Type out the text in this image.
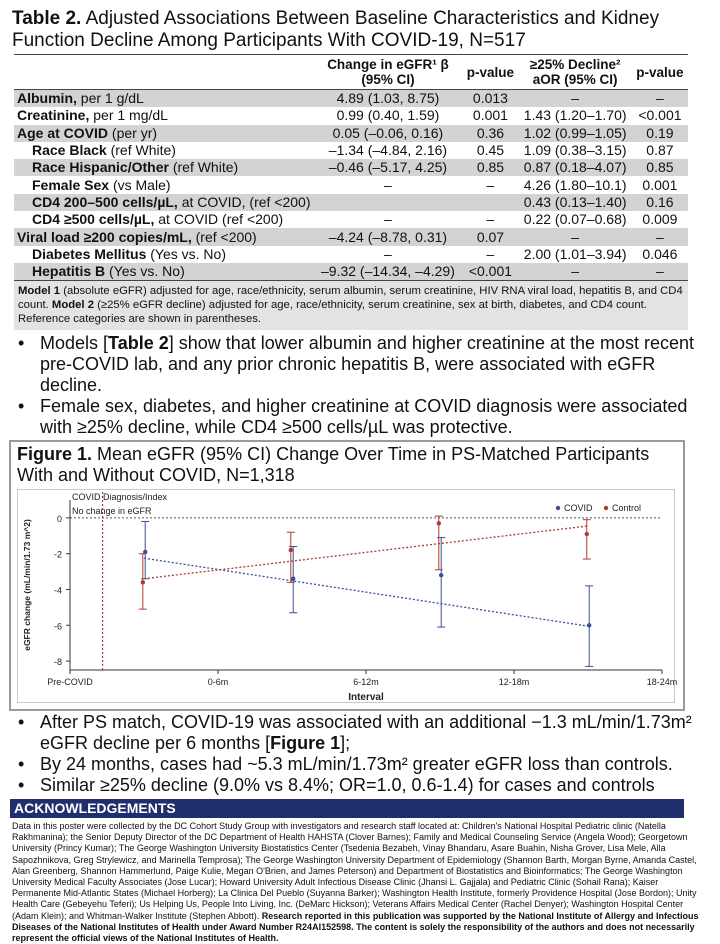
Table 2. Adjusted Associations Between Baseline Characteristics and Kidney Function Decline Among Participants With COVID-19, N=517
	Change in eGFR¹ β (95% CI)	p-value	≥25% Decline² aOR (95% CI)	p-value
Albumin, per 1 g/dL	4.89 (1.03, 8.75)	0.013	–	–
Creatinine, per 1 mg/dL	0.99 (0.40, 1.59)	0.001	1.43 (1.20–1.70)	<0.001
Age at COVID (per yr)	0.05 (–0.06, 0.16)	0.36	1.02 (0.99–1.05)	0.19
Race Black (ref White)	–1.34 (–4.84, 2.16)	0.45	1.09 (0.38–3.15)	0.87
Race Hispanic/Other (ref White)	–0.46 (–5.17, 4.25)	0.85	0.87 (0.18–4.07)	0.85
Female Sex (vs Male)	–	–	4.26 (1.80–10.1)	0.001
CD4 200–500 cells/µL, at COVID, (ref <200)			0.43 (0.13–1.40)	0.16
CD4 ≥500 cells/µL, at COVID (ref <200)	–	–	0.22 (0.07–0.68)	0.009
Viral load ≥200 copies/mL, (ref <200)	–4.24 (–8.78, 0.31)	0.07	–	–
Diabetes Mellitus (Yes vs. No)	–	–	2.00 (1.01–3.94)	0.046
Hepatitis B (Yes vs. No)	–9.32 (–14.34, –4.29)	<0.001	–	–
Model 1 (absolute eGFR) adjusted for age, race/ethnicity, serum albumin, serum creatinine, HIV RNA viral load, hepatitis B, and CD4 count. Model 2 (≥25% eGFR decline) adjusted for age, race/ethnicity, serum creatinine, sex at birth, diabetes, and CD4 count. Reference categories are shown in parentheses.
• Models [Table 2] show that lower albumin and higher creatinine at the most recent pre-COVID lab, and any prior chronic hepatitis B, were associated with eGFR decline.
• Female sex, diabetes, and higher creatinine at COVID diagnosis were associated with ≥25% decline, while CD4 ≥500 cells/µL was protective.
Figure 1. Mean eGFR (95% CI) Change Over Time in PS-Matched Participants With and Without COVID, N=1,318
0
-2
-4
-6
-8
Pre-COVID	0-6m	6-12m	12-18m	18-24m
Interval
eGFR change (mL/min/1.73 m^2)
No change in eGFR
COVID Diagnosis/Index
COVID Control
• After PS match, COVID-19 was associated with an additional −1.3 mL/min/1.73m² eGFR decline per 6 months [Figure 1];
• By 24 months, cases had ~5.3 mL/min/1.73m² greater eGFR loss than controls.
• Similar ≥25% decline (9.0% vs 8.4%; OR=1.0, 0.6-1.4) for cases and controls
ACKNOWLEDGEMENTS
Data in this poster were collected by the DC Cohort Study Group with investigators and research staff located at: Children's National Hospital Pediatric clinic (Natella Rakhmanina); the Senior Deputy Director of the DC Department of Health HAHSTA (Clover Barnes); Family and Medical Counseling Service (Angela Wood); Georgetown University (Princy Kumar); The George Washington University Biostatistics Center (Tsedenia Bezabeh, Vinay Bhandaru, Asare Buahin, Nisha Grover, Lisa Mele, Alla Sapozhnikova, Greg Strylewicz, and Marinella Temprosa); The George Washington University Department of Epidemiology (Shannon Barth, Morgan Byrne, Amanda Castel, Alan Greenberg, Shannon Hammerlund, Paige Kulie, Megan O'Brien, and James Peterson) and Department of Biostatistics and Bioinformatics; The George Washington University Medical Faculty Associates (Jose Lucar); Howard University Adult Infectious Disease Clinic (Jhansi L. Gajjala) and Pediatric Clinic (Sohail Rana); Kaiser Permanente Mid-Atlantic States (Michael Horberg); La Clinica Del Pueblo (Suyanna Barker); Washington Health Institute, formerly Providence Hospital (Jose Bordon); Unity Health Care (Gebeyehu Teferi); Us Helping Us, People Into Living, Inc. (DeMarc Hickson); Veterans Affairs Medical Center (Rachel Denyer); Washington Hospital Center (Adam Klein); and Whitman-Walker Institute (Stephen Abbott). Research reported in this publication was supported by the National Institute of Allergy and Infectious Diseases of the National Institutes of Health under Award Number R24AI152598. The content is solely the responsibility of the authors and does not necessarily represent the official views of the National Institutes of Health.
